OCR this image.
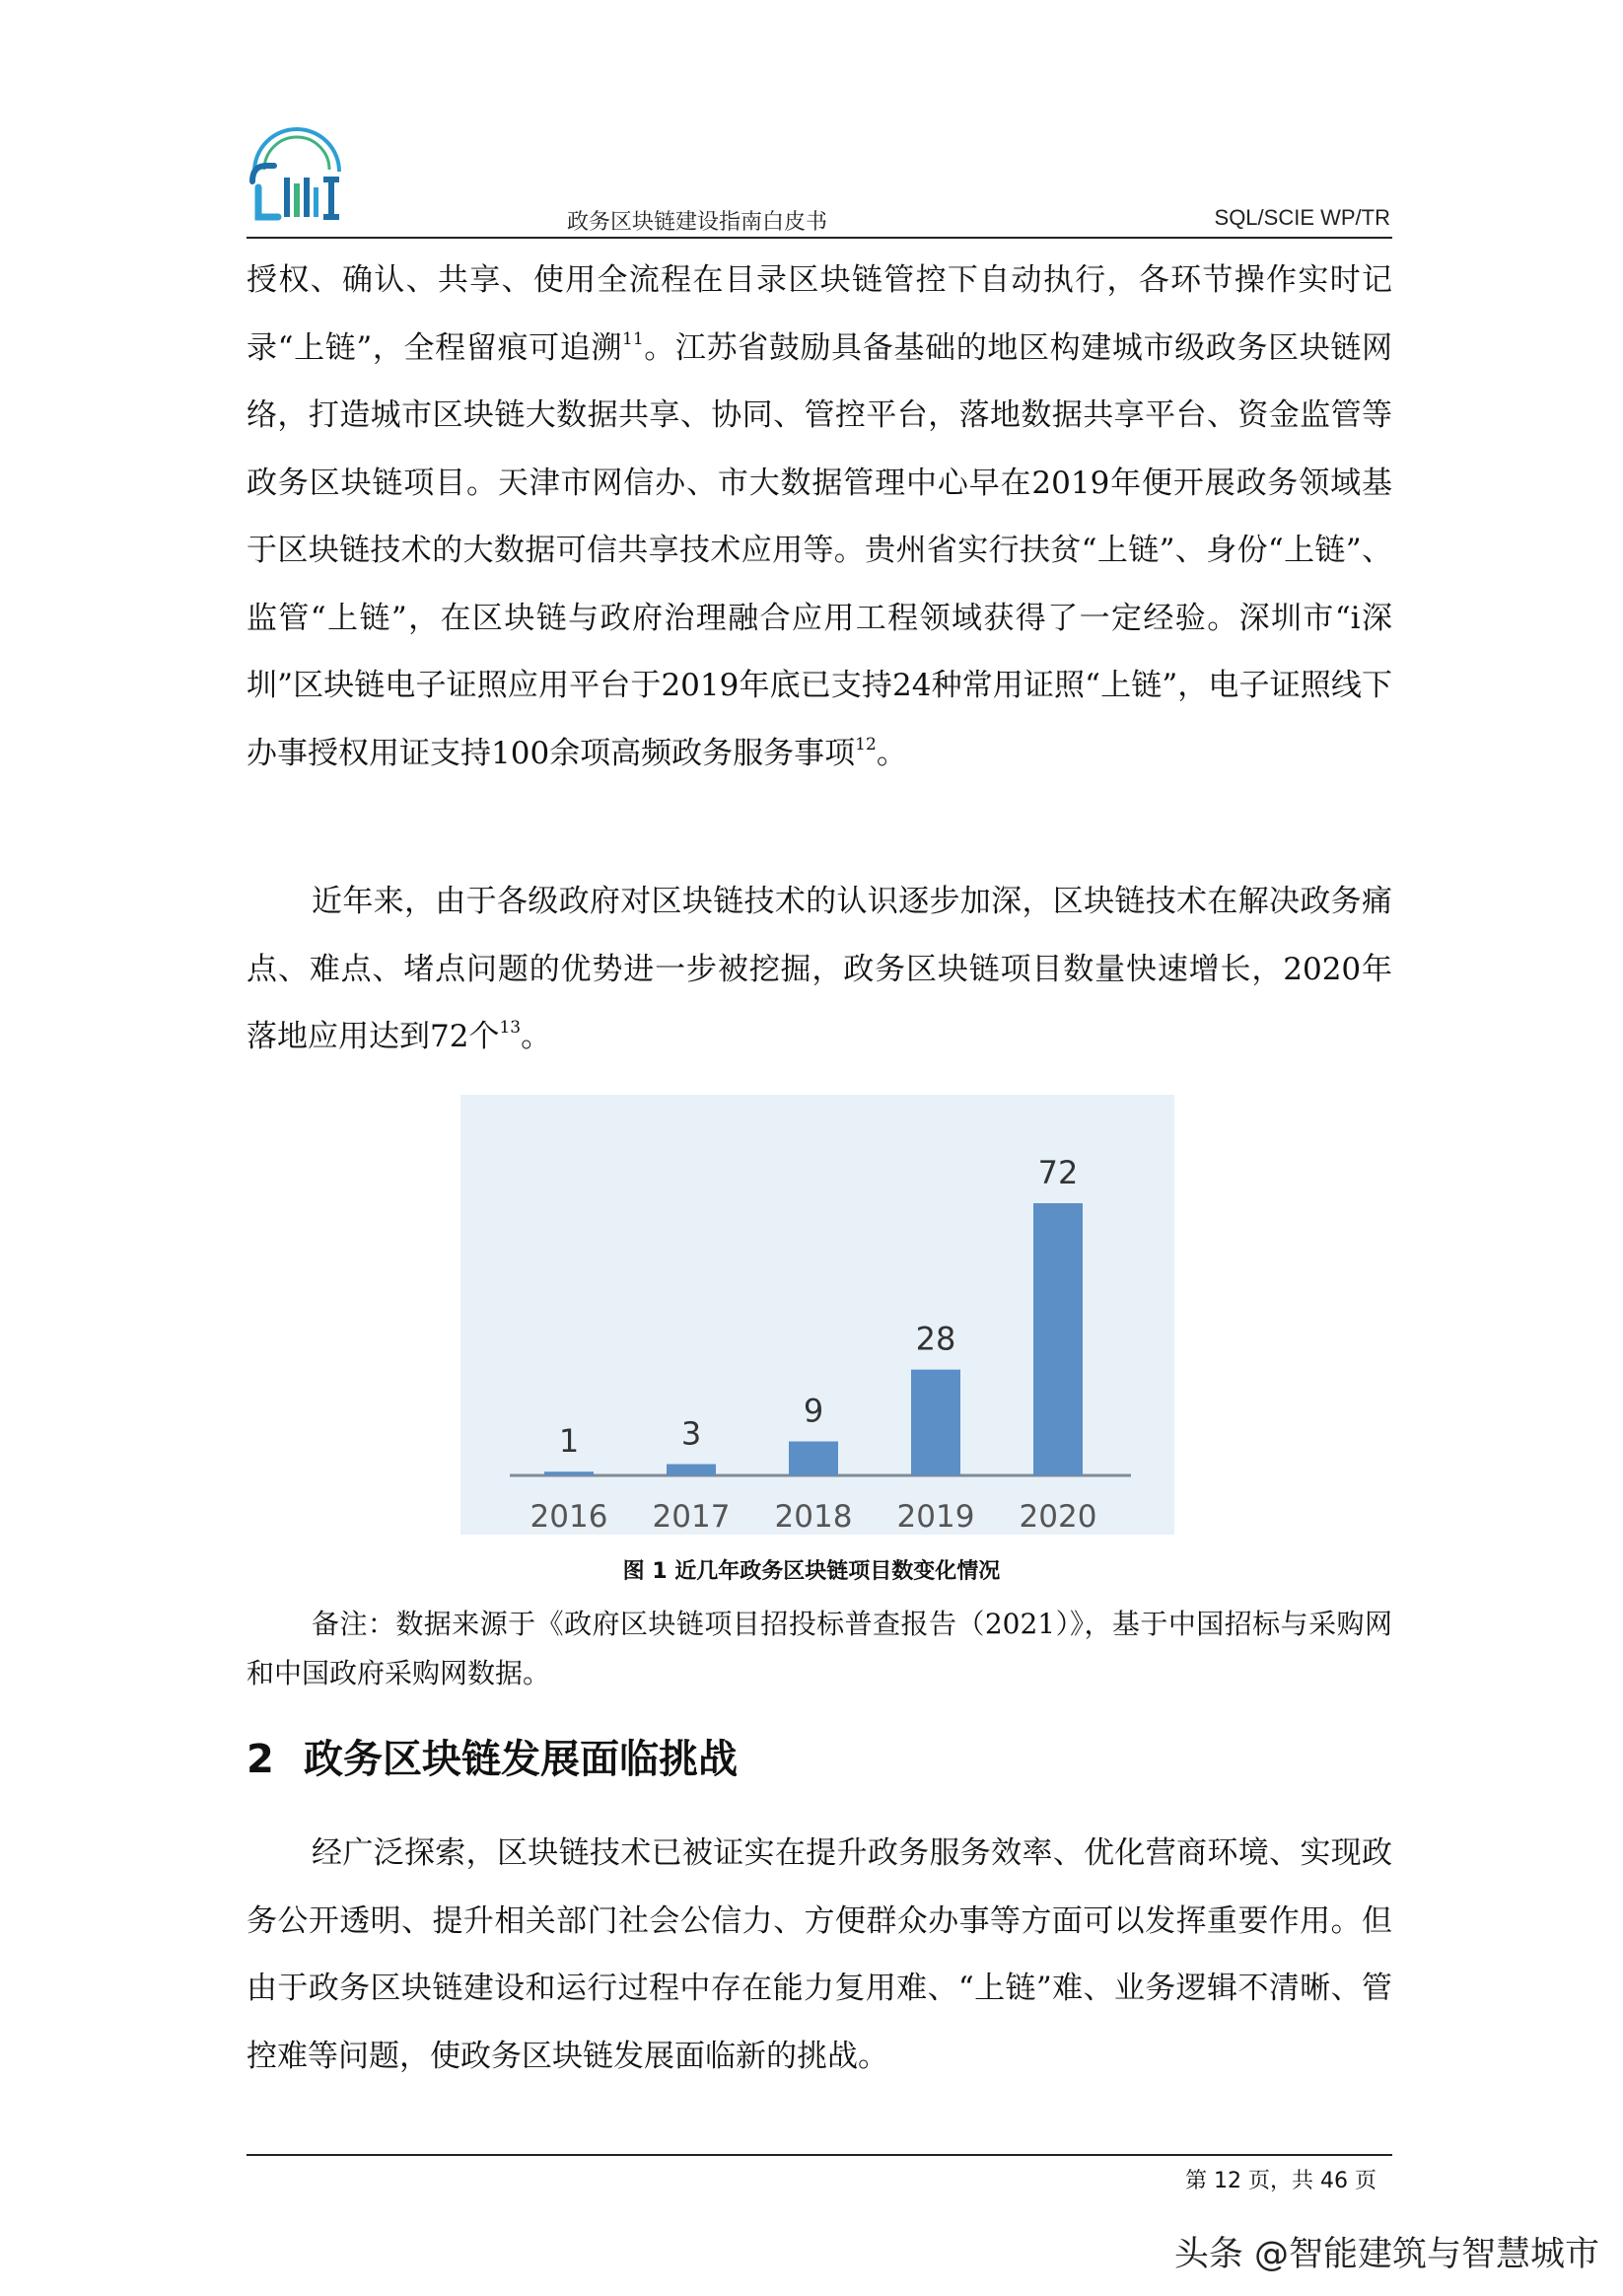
政务区块链建设指南白皮书	SQL/SCIE WP/TR

授权、确认、共享、使用全流程在目录区块链管控下自动执行，各环节操作实时记录“上链”，全程留痕可追溯$^{11}$。江苏省鼓励具备基础的地区构建城市级政务区块链网络，打造城市区块链大数据共享、协同、管控平台，落地数据共享平台、资金监管等政务区块链项目。天津市网信办、市大数据管理中心早在2019年便开展政务领域基于区块链技术的大数据可信共享技术应用等。贵州省实行扶贫“上链”、身份“上链”、监管“上链”，在区块链与政府治理融合应用工程领域获得了一定经验。深圳市“i深圳”区块链电子证照应用平台于2019年底已支持24种常用证照“上链”，电子证照线下办事授权用证支持100余项高频政务服务事项$^{12}$。

近年来，由于各级政府对区块链技术的认识逐步加深，区块链技术在解决政务痛点、难点、堵点问题的优势进一步被挖掘，政务区块链项目数量快速增长，2020年落地应用达到72个$^{13}$。

1
2016
3
2017
9
2018
28
2019
72
2020
图 1 近几年政务区块链项目数变化情况

备注：数据来源于《政府区块链项目招投标普查报告（2021）》，基于中国招标与采购网和中国政府采购网数据。

2 政务区块链发展面临挑战

经广泛探索，区块链技术已被证实在提升政务服务效率、优化营商环境、实现政务公开透明、提升相关部门社会公信力、方便群众办事等方面可以发挥重要作用。但由于政务区块链建设和运行过程中存在能力复用难、“上链”难、业务逻辑不清晰、管控难等问题，使政务区块链发展面临新的挑战。

第 12 页，共 46 页
头条 @智能建筑与智慧城市
